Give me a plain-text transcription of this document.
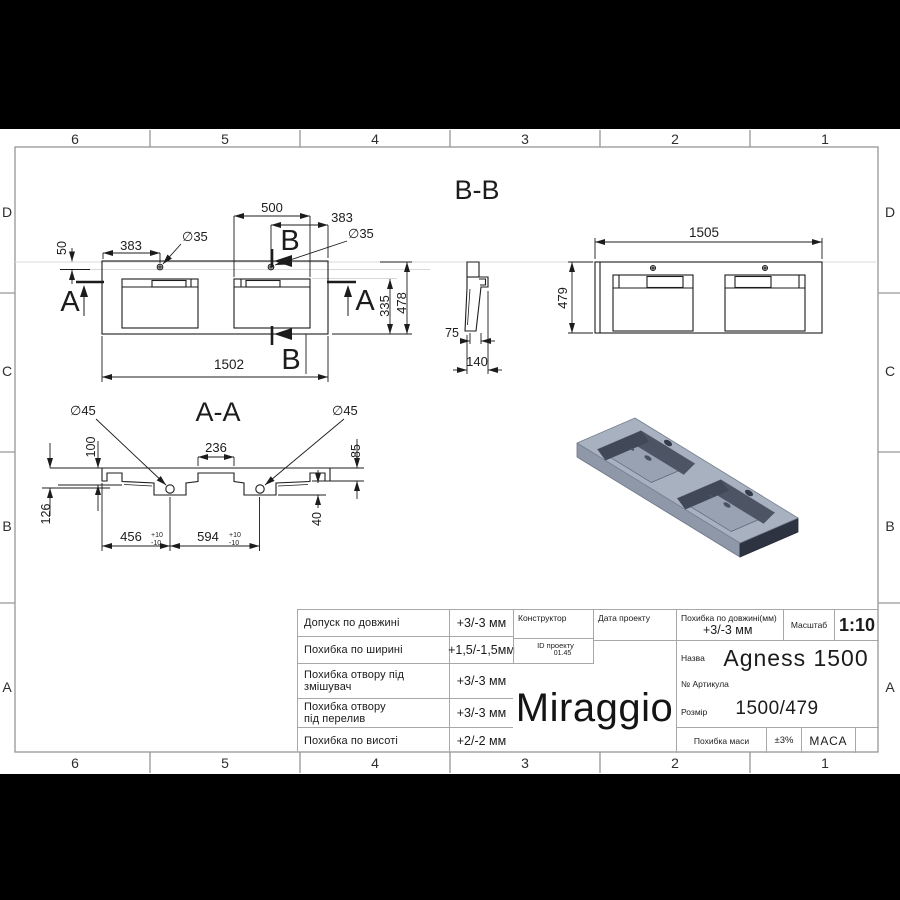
6	5	4	3	2	1
6	5	4	3	2	1
D
C
B
A
D
C
B
A
B-B
50	383
∅35
500
383
∅35
478
335
1502
A	A
B
B
75
140
1505
479
A-A
∅45	∅45
100
126
236	85
40
456 +10
-10	594 +10
-10
Допуск по довжині	+3/-3 мм
Похибка по ширині	+1,5/-1,5мм
Похибка отвору під
змішувач	+3/-3 мм
Похибка отвору
під перелив	+3/-3 мм
Похибка по висоті	+2/-2 мм
Конструктор	Дата проекту
ID проекту
01.45
Miraggio
Похибка по довжині(мм)
+3/-3 мм	Масштаб 1:10
Назва Agness 1500
№ Артикула
Розмір	1500/479
Похибка маси	±3%	МАСА
